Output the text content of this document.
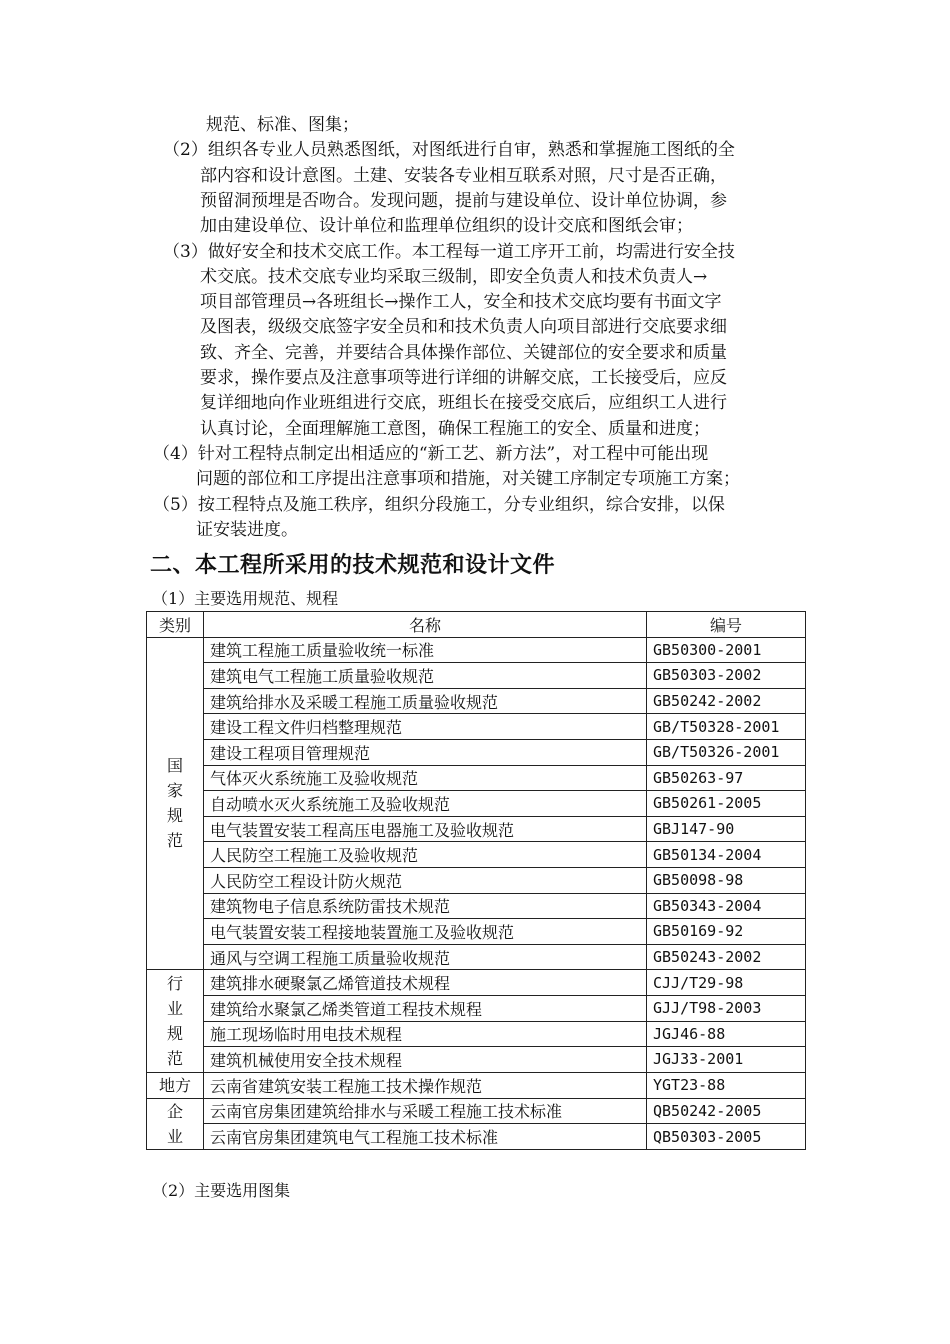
规范、标准、图集；
（2）组织各专业人员熟悉图纸，对图纸进行自审，熟悉和掌握施工图纸的全
部内容和设计意图。土建、安装各专业相互联系对照，尺寸是否正确，
预留洞预埋是否吻合。发现问题，提前与建设单位、设计单位协调，参
加由建设单位、设计单位和监理单位组织的设计交底和图纸会审；
（3）做好安全和技术交底工作。本工程每一道工序开工前，均需进行安全技
术交底。技术交底专业均采取三级制，即安全负责人和技术负责人→
项目部管理员→各班组长→操作工人，安全和技术交底均要有书面文字
及图表，级级交底签字安全员和和技术负责人向项目部进行交底要求细
致、齐全、完善，并要结合具体操作部位、关键部位的安全要求和质量
要求，操作要点及注意事项等进行详细的讲解交底，工长接受后，应反
复详细地向作业班组进行交底，班组长在接受交底后，应组织工人进行
认真讨论，全面理解施工意图，确保工程施工的安全、质量和进度；
（4）针对工程特点制定出相适应的“新工艺、新方法”，对工程中可能出现
问题的部位和工序提出注意事项和措施，对关键工序制定专项施工方案；
（5）按工程特点及施工秩序，组织分段施工，分专业组织，综合安排，以保
证安装进度。
二、本工程所采用的技术规范和设计文件
（1）主要选用规范、规程
类别	名称	编号
国家规范	建筑工程施工质量验收统一标准	GB50300-2001
	建筑电气工程施工质量验收规范	GB50303-2002
	建筑给排水及采暖工程施工质量验收规范	GB50242-2002
	建设工程文件归档整理规范	GB/T50328-2001
	建设工程项目管理规范	GB/T50326-2001
	气体灭火系统施工及验收规范	GB50263-97
	自动喷水灭火系统施工及验收规范	GB50261-2005
	电气装置安装工程高压电器施工及验收规范	GBJ147-90
	人民防空工程施工及验收规范	GB50134-2004
	人民防空工程设计防火规范	GB50098-98
	建筑物电子信息系统防雷技术规范	GB50343-2004
	电气装置安装工程接地装置施工及验收规范	GB50169-92
	通风与空调工程施工质量验收规范	GB50243-2002
行业规范	建筑排水硬聚氯乙烯管道技术规程	CJJ/T29-98
	建筑给水聚氯乙烯类管道工程技术规程	GJJ/T98-2003
	施工现场临时用电技术规程	JGJ46-88
	建筑机械使用安全技术规程	JGJ33-2001
地方	云南省建筑安装工程施工技术操作规范	YGT23-88
企业	云南官房集团建筑给排水与采暖工程施工技术标准	QB50242-2005
	云南官房集团建筑电气工程施工技术标准	QB50303-2005
（2）主要选用图集
